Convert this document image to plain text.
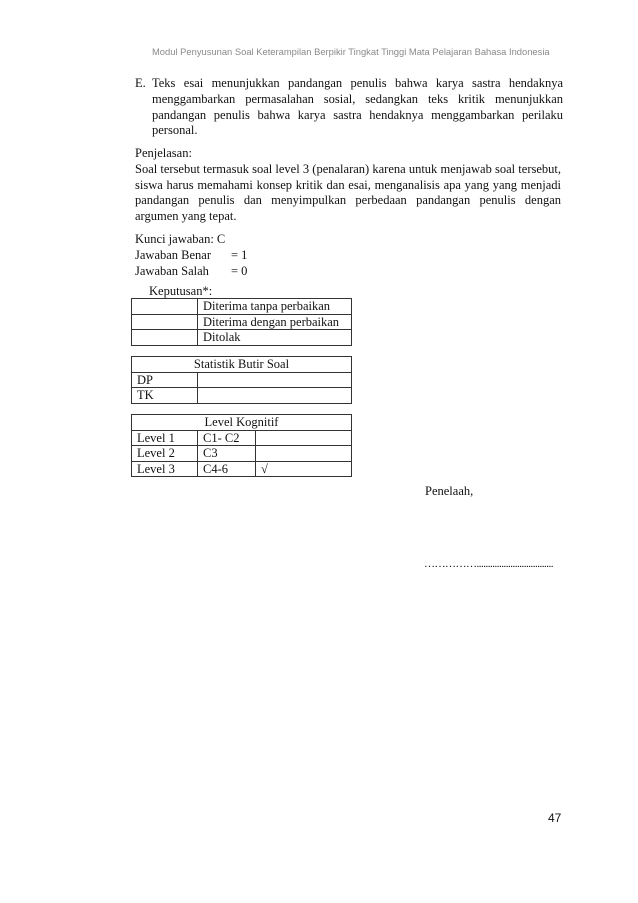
Modul Penyusunan Soal Keterampilan Berpikir Tingkat Tinggi Mata Pelajaran Bahasa Indonesia
E. Teks esai menunjukkan pandangan penulis bahwa karya sastra hendaknya menggambarkan permasalahan sosial, sedangkan teks kritik menunjukkan pandangan penulis bahwa karya sastra hendaknya menggambarkan perilaku personal.
Penjelasan:
Soal tersebut termasuk soal level 3 (penalaran) karena untuk menjawab soal tersebut, siswa harus memahami konsep kritik dan esai, menganalisis apa yang yang menjadi pandangan penulis dan menyimpulkan perbedaan pandangan penulis dengan argumen yang tepat.
Kunci jawaban: C
Jawaban Benar = 1
Jawaban Salah = 0
Keputusan*:
	Diterima tanpa perbaikan
	Diterima dengan perbaikan
	Ditolak
Statistik Butir Soal	
DP	
TK	
Level Kognitif		
Level 1	C1- C2	
Level 2	C3	
Level 3	C4-6	√
Penelaah,
……………..................................
47
